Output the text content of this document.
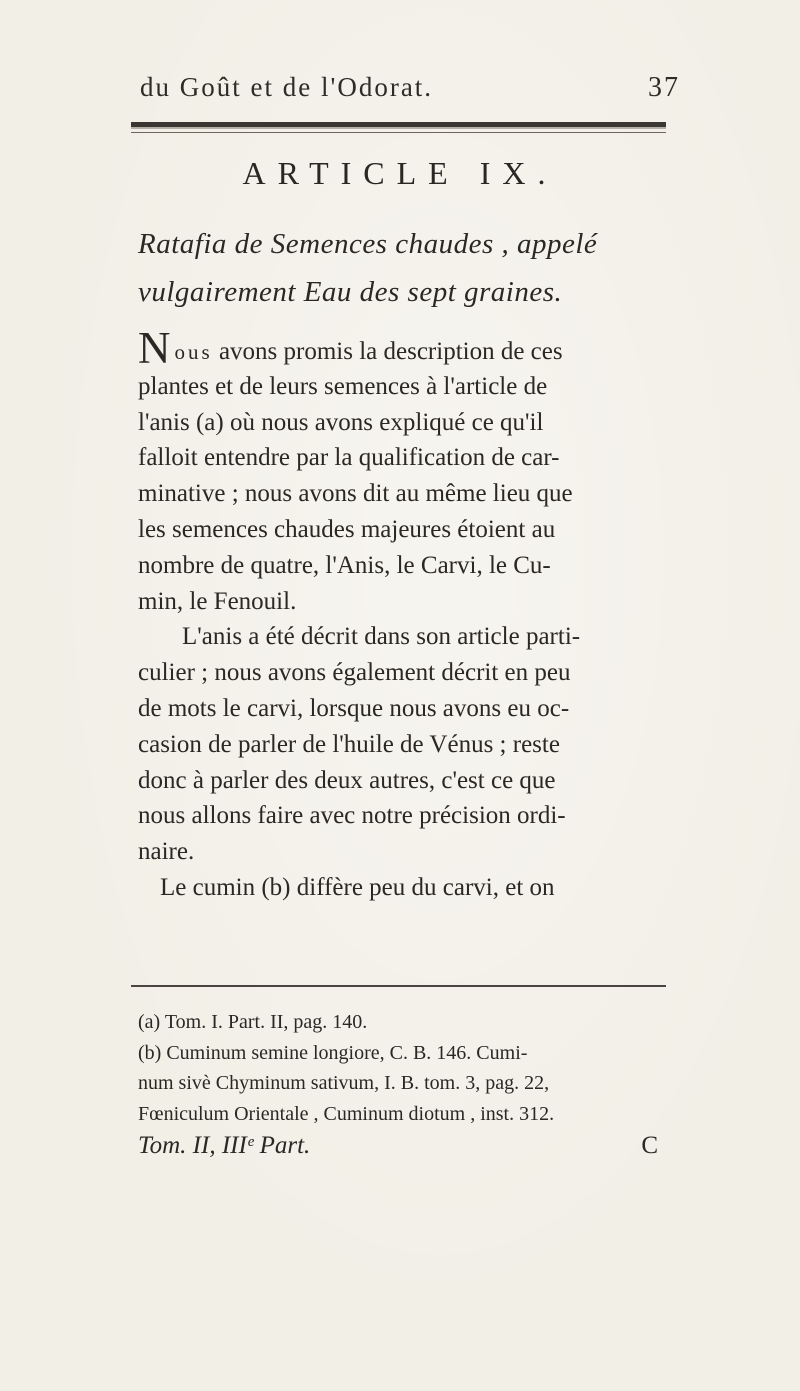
du Goût et de l'Odorat.	37
ARTICLE IX.
Ratafia de Semences chaudes , appelé
vulgairement Eau des sept graines.
Nous avons promis la description de ces
plantes et de leurs semences à l'article de
l'anis (a) où nous avons expliqué ce qu'il
falloit entendre par la qualification de car-
minative ; nous avons dit au même lieu que
les semences chaudes majeures étoient au
nombre de quatre, l'Anis, le Carvi, le Cu-
min, le Fenouil.
L'anis a été décrit dans son article parti-
culier ; nous avons également décrit en peu
de mots le carvi, lorsque nous avons eu oc-
casion de parler de l'huile de Vénus ; reste
donc à parler des deux autres, c'est ce que
nous allons faire avec notre précision ordi-
naire.
Le cumin (b) diffère peu du carvi, et on
(a) Tom. I. Part. II, pag. 140.
(b) Cuminum semine longiore, C. B. 146. Cumi-
num sivè Chyminum sativum, I. B. tom. 3, pag. 22,
Fœniculum Orientale , Cuminum diotum , inst. 312.
Tom. II, IIIᵉ Part.	C
